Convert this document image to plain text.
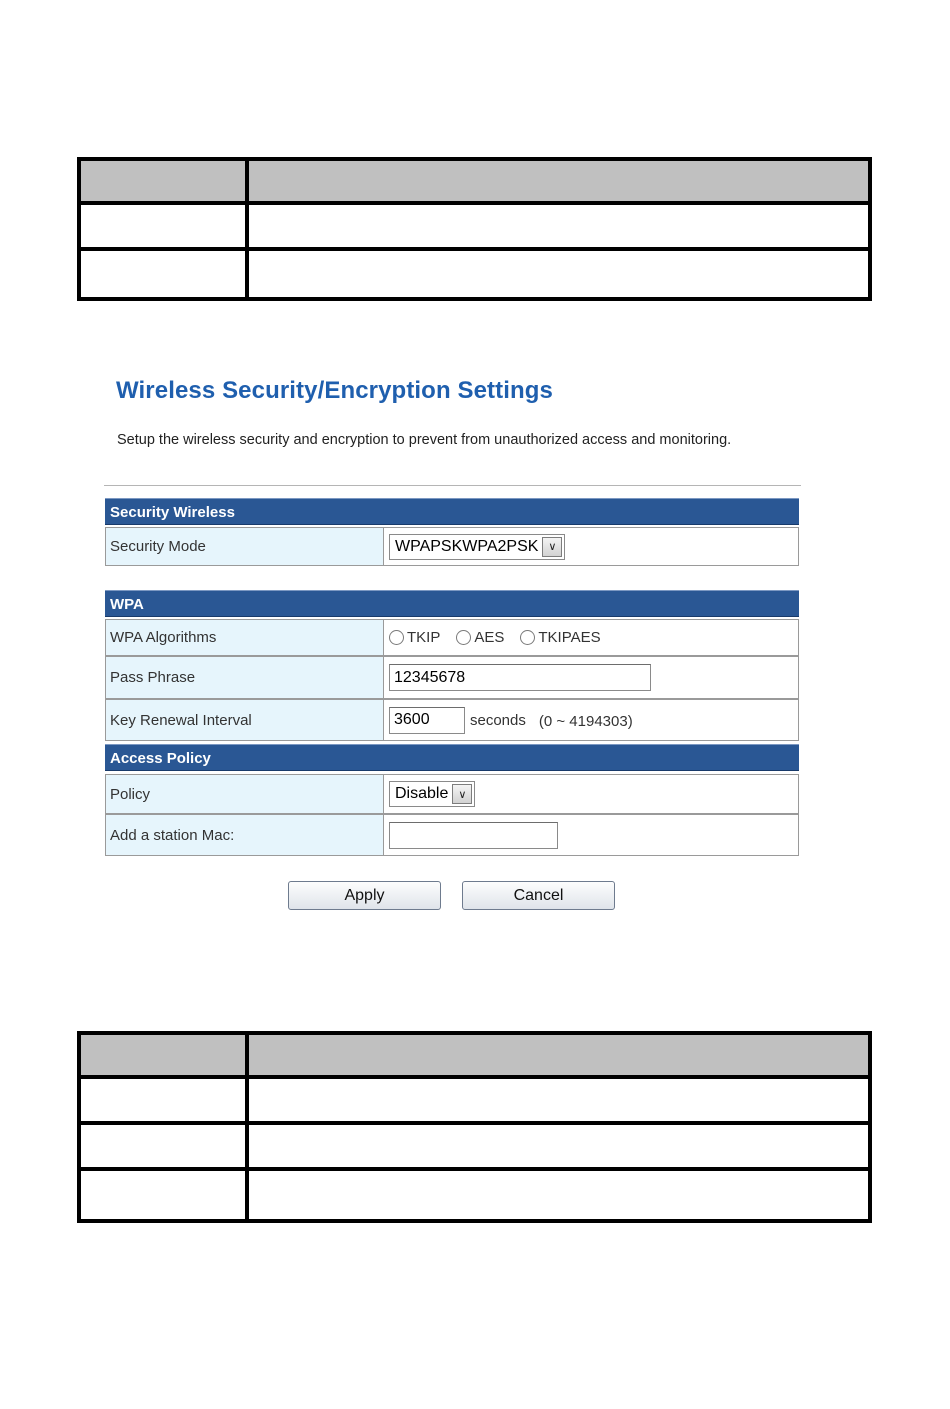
Wireless Security/Encryption Settings
Setup the wireless security and encryption to prevent from unauthorized access and monitoring.
Security Wireless
Security Mode	WPAPSKWPA2PSK ∨
WPA
WPA Algorithms	TKIP AES TKIPAES
Pass Phrase	12345678
Key Renewal Interval	3600	seconds (0 ~ 4194303)
Access Policy
Policy	Disable ∨
Add a station Mac:
Apply	Cancel
